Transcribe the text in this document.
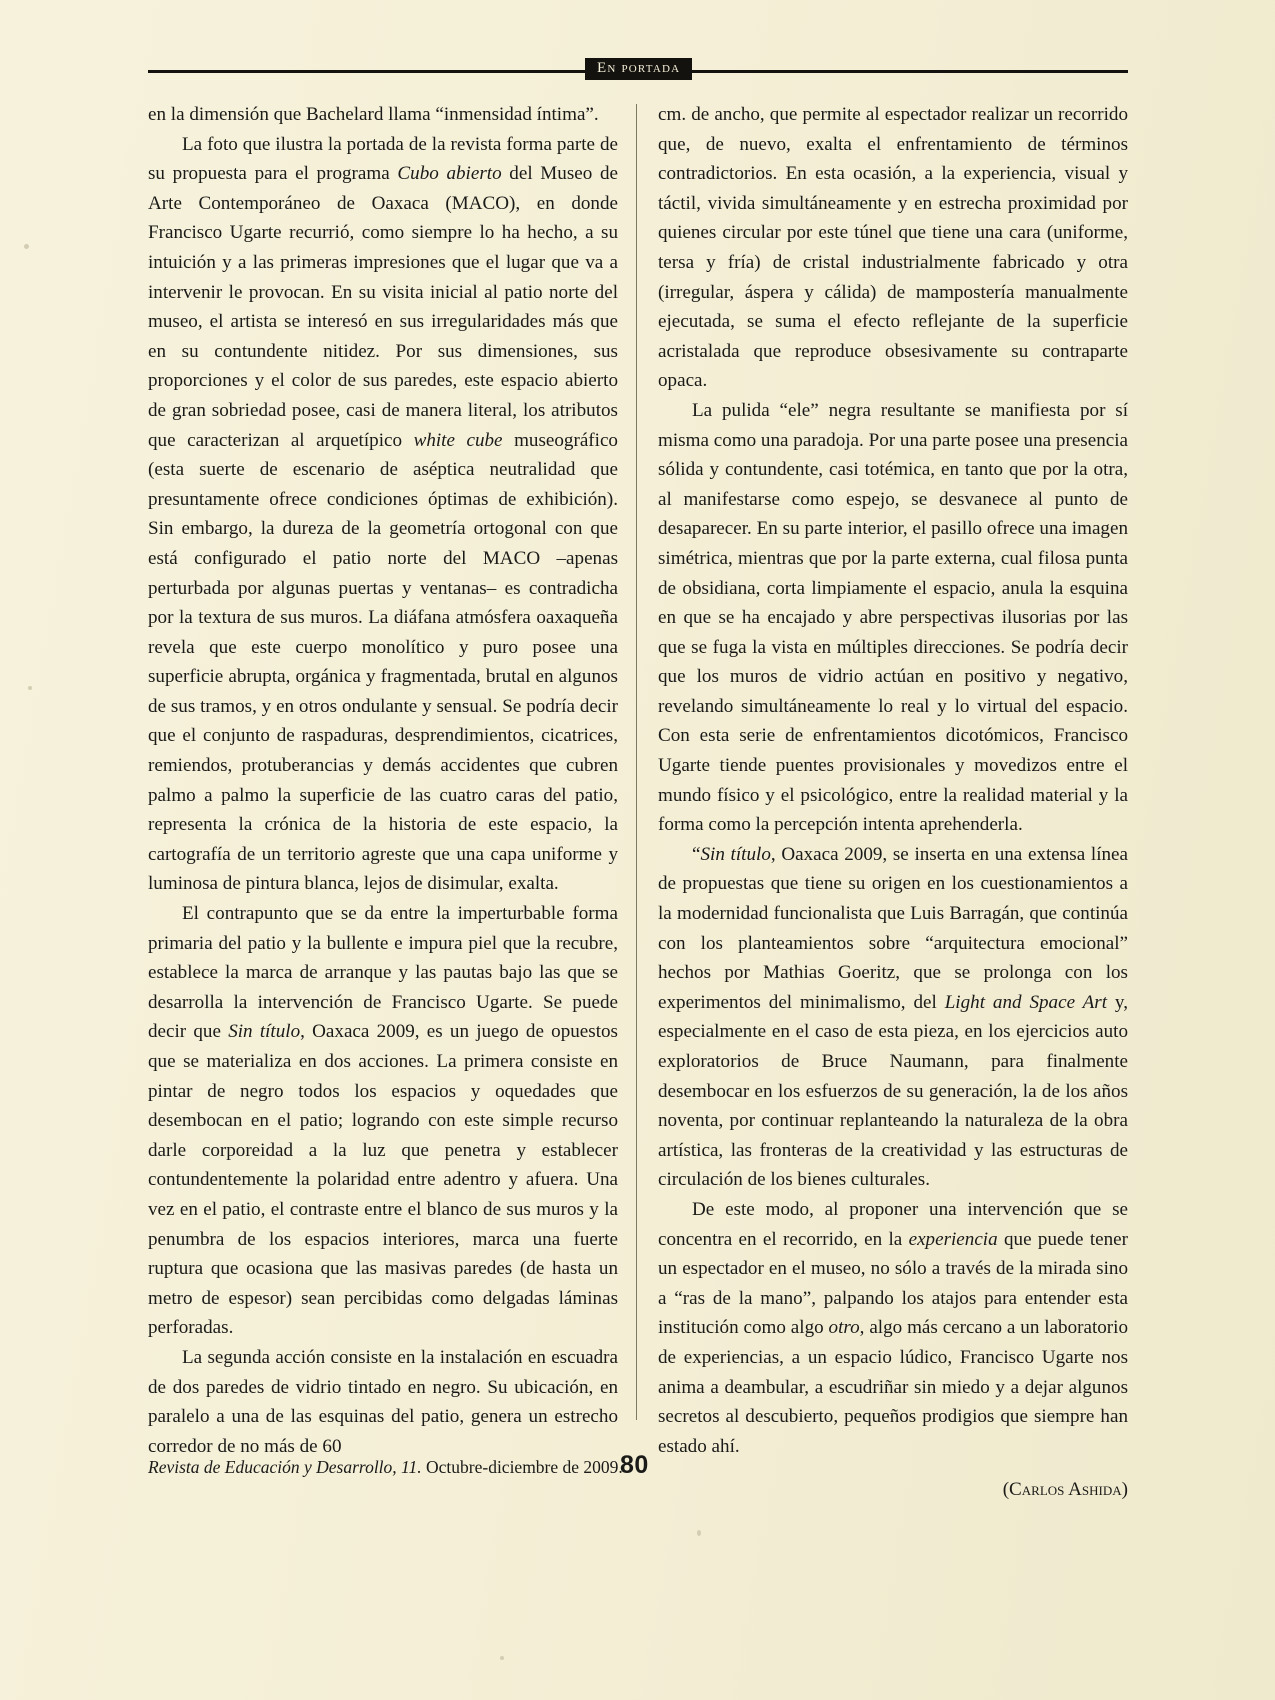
En portada

en la dimensión que Bachelard llama “inmensidad íntima”.

La foto que ilustra la portada de la revista forma parte de su propuesta para el programa Cubo abierto del Museo de Arte Contemporáneo de Oaxaca (MACO), en donde Francisco Ugarte recurrió, como siempre lo ha hecho, a su intuición y a las primeras impresiones que el lugar que va a intervenir le provocan. En su visita inicial al patio norte del museo, el artista se interesó en sus irregularidades más que en su contundente nitidez. Por sus dimensiones, sus proporciones y el color de sus paredes, este espacio abierto de gran sobriedad posee, casi de manera literal, los atributos que caracterizan al arquetípico white cube museográfico (esta suerte de escenario de aséptica neutralidad que presuntamente ofrece condiciones óptimas de exhibición). Sin embargo, la dureza de la geometría ortogonal con que está configurado el patio norte del MACO –apenas perturbada por algunas puertas y ventanas– es contradicha por la textura de sus muros. La diáfana atmósfera oaxaqueña revela que este cuerpo monolítico y puro posee una superficie abrupta, orgánica y fragmentada, brutal en algunos de sus tramos, y en otros ondulante y sensual. Se podría decir que el conjunto de raspaduras, desprendimientos, cicatrices, remiendos, protuberancias y demás accidentes que cubren palmo a palmo la superficie de las cuatro caras del patio, representa la crónica de la historia de este espacio, la cartografía de un territorio agreste que una capa uniforme y luminosa de pintura blanca, lejos de disimular, exalta.

El contrapunto que se da entre la imperturbable forma primaria del patio y la bullente e impura piel que la recubre, establece la marca de arranque y las pautas bajo las que se desarrolla la intervención de Francisco Ugarte. Se puede decir que Sin título, Oaxaca 2009, es un juego de opuestos que se materializa en dos acciones. La primera consiste en pintar de negro todos los espacios y oquedades que desembocan en el patio; logrando con este simple recurso darle corporeidad a la luz que penetra y establecer contundentemente la polaridad entre adentro y afuera. Una vez en el patio, el contraste entre el blanco de sus muros y la penumbra de los espacios interiores, marca una fuerte ruptura que ocasiona que las masivas paredes (de hasta un metro de espesor) sean percibidas como delgadas láminas perforadas.

La segunda acción consiste en la instalación en escuadra de dos paredes de vidrio tintado en negro. Su ubicación, en paralelo a una de las esquinas del patio, genera un estrecho corredor de no más de 60

cm. de ancho, que permite al espectador realizar un recorrido que, de nuevo, exalta el enfrentamiento de términos contradictorios. En esta ocasión, a la experiencia, visual y táctil, vivida simultáneamente y en estrecha proximidad por quienes circular por este túnel que tiene una cara (uniforme, tersa y fría) de cristal industrialmente fabricado y otra (irregular, áspera y cálida) de mampostería manualmente ejecutada, se suma el efecto reflejante de la superficie acristalada que reproduce obsesivamente su contraparte opaca.

La pulida “ele” negra resultante se manifiesta por sí misma como una paradoja. Por una parte posee una presencia sólida y contundente, casi totémica, en tanto que por la otra, al manifestarse como espejo, se desvanece al punto de desaparecer. En su parte interior, el pasillo ofrece una imagen simétrica, mientras que por la parte externa, cual filosa punta de obsidiana, corta limpiamente el espacio, anula la esquina en que se ha encajado y abre perspectivas ilusorias por las que se fuga la vista en múltiples direcciones. Se podría decir que los muros de vidrio actúan en positivo y negativo, revelando simultáneamente lo real y lo virtual del espacio. Con esta serie de enfrentamientos dicotómicos, Francisco Ugarte tiende puentes provisionales y movedizos entre el mundo físico y el psicológico, entre la realidad material y la forma como la percepción intenta aprehenderla.

“Sin título, Oaxaca 2009, se inserta en una extensa línea de propuestas que tiene su origen en los cuestionamientos a la modernidad funcionalista que Luis Barragán, que continúa con los planteamientos sobre “arquitectura emocional” hechos por Mathias Goeritz, que se prolonga con los experimentos del minimalismo, del Light and Space Art y, especialmente en el caso de esta pieza, en los ejercicios auto exploratorios de Bruce Naumann, para finalmente desembocar en los esfuerzos de su generación, la de los años noventa, por continuar replanteando la naturaleza de la obra artística, las fronteras de la creatividad y las estructuras de circulación de los bienes culturales.

De este modo, al proponer una intervención que se concentra en el recorrido, en la experiencia que puede tener un espectador en el museo, no sólo a través de la mirada sino a “ras de la mano”, palpando los atajos para entender esta institución como algo otro, algo más cercano a un laboratorio de experiencias, a un espacio lúdico, Francisco Ugarte nos anima a deambular, a escudriñar sin miedo y a dejar algunos secretos al descubierto, pequeños prodigios que siempre han estado ahí.

(Carlos Ashida)

Revista de Educación y Desarrollo, 11. Octubre-diciembre de 2009.
80
